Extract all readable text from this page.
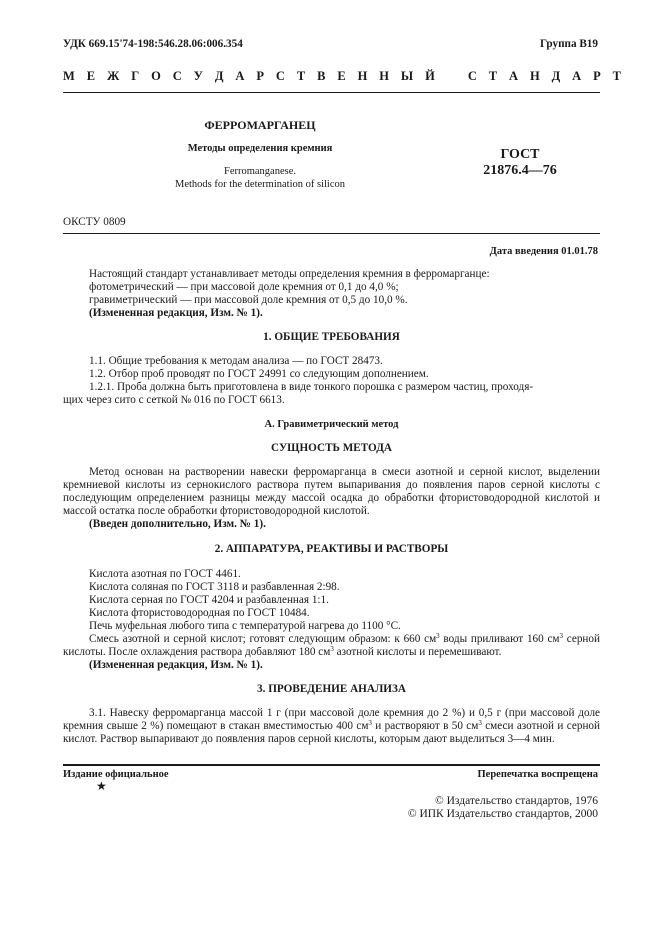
УДК 669.15'74-198:546.28.06:006.354	Группа В19
М Е Ж Г О С У Д А Р С Т В Е Н Н Ы Й   С Т А Н Д А Р Т
ФЕРРОМАРГАНЕЦ
Методы определения кремния
Ferromanganese.
Methods for the determination of silicon
ГОСТ
21876.4—76
ОКСТУ 0809
Дата введения 01.01.78
Настоящий стандарт устанавливает методы определения кремния в ферромарганце:
фотометрический — при массовой доле кремния от 0,1 до 4,0 %;
гравиметрический — при массовой доле кремния от 0,5 до 10,0 %.
(Измененная редакция, Изм. № 1).
1. ОБЩИЕ ТРЕБОВАНИЯ
1.1. Общие требования к методам анализа — по ГОСТ 28473.
1.2. Отбор проб проводят по ГОСТ 24991 со следующим дополнением.
1.2.1. Проба должна быть приготовлена в виде тонкого порошка с размером частиц, проходя-
щих через сито с сеткой № 016 по ГОСТ 6613.
А. Гравиметрический метод
СУЩНОСТЬ МЕТОДА

Метод основан на растворении навески ферромарганца в смеси азотной и серной кислот, выделении кремниевой кислоты из сернокислого раствора путем выпаривания до появления паров серной кислоты с последующим определением разницы между массой осадка до обработки фтористоводородной кислотой и массой остатка после обработки фтористоводородной кислотой.

(Введен дополнительно, Изм. № 1).
2. АППАРАТУРА, РЕАКТИВЫ И РАСТВОРЫ
Кислота азотная по ГОСТ 4461.
Кислота соляная по ГОСТ 3118 и разбавленная 2:98.
Кислота серная по ГОСТ 4204 и разбавленная 1:1.
Кислота фтористоводородная по ГОСТ 10484.
Печь муфельная любого типа с температурой нагрева до 1100 °С.

Смесь азотной и серной кислот; готовят следующим образом: к 660 $см^3$ воды приливают 160 $см^3$ серной кислоты. После охлаждения раствора добавляют 180 $см^3$ азотной кислоты и перемешивают.

(Измененная редакция, Изм. № 1).
3. ПРОВЕДЕНИЕ АНАЛИЗА

3.1. Навеску ферромарганца массой 1 г (при массовой доле кремния до 2 %) и 0,5 г (при массовой доле кремния свыше 2 %) помещают в стакан вместимостью 400 $см^3$ и растворяют в 50 $см^3$ смеси азотной и серной кислот. Раствор выпаривают до появления паров серной кислоты, которым дают выделиться 3—4 мин.

Издание официальное	Перепечатка воспрещена
★
© Издательство стандартов, 1976
© ИПК Издательство стандартов, 2000
